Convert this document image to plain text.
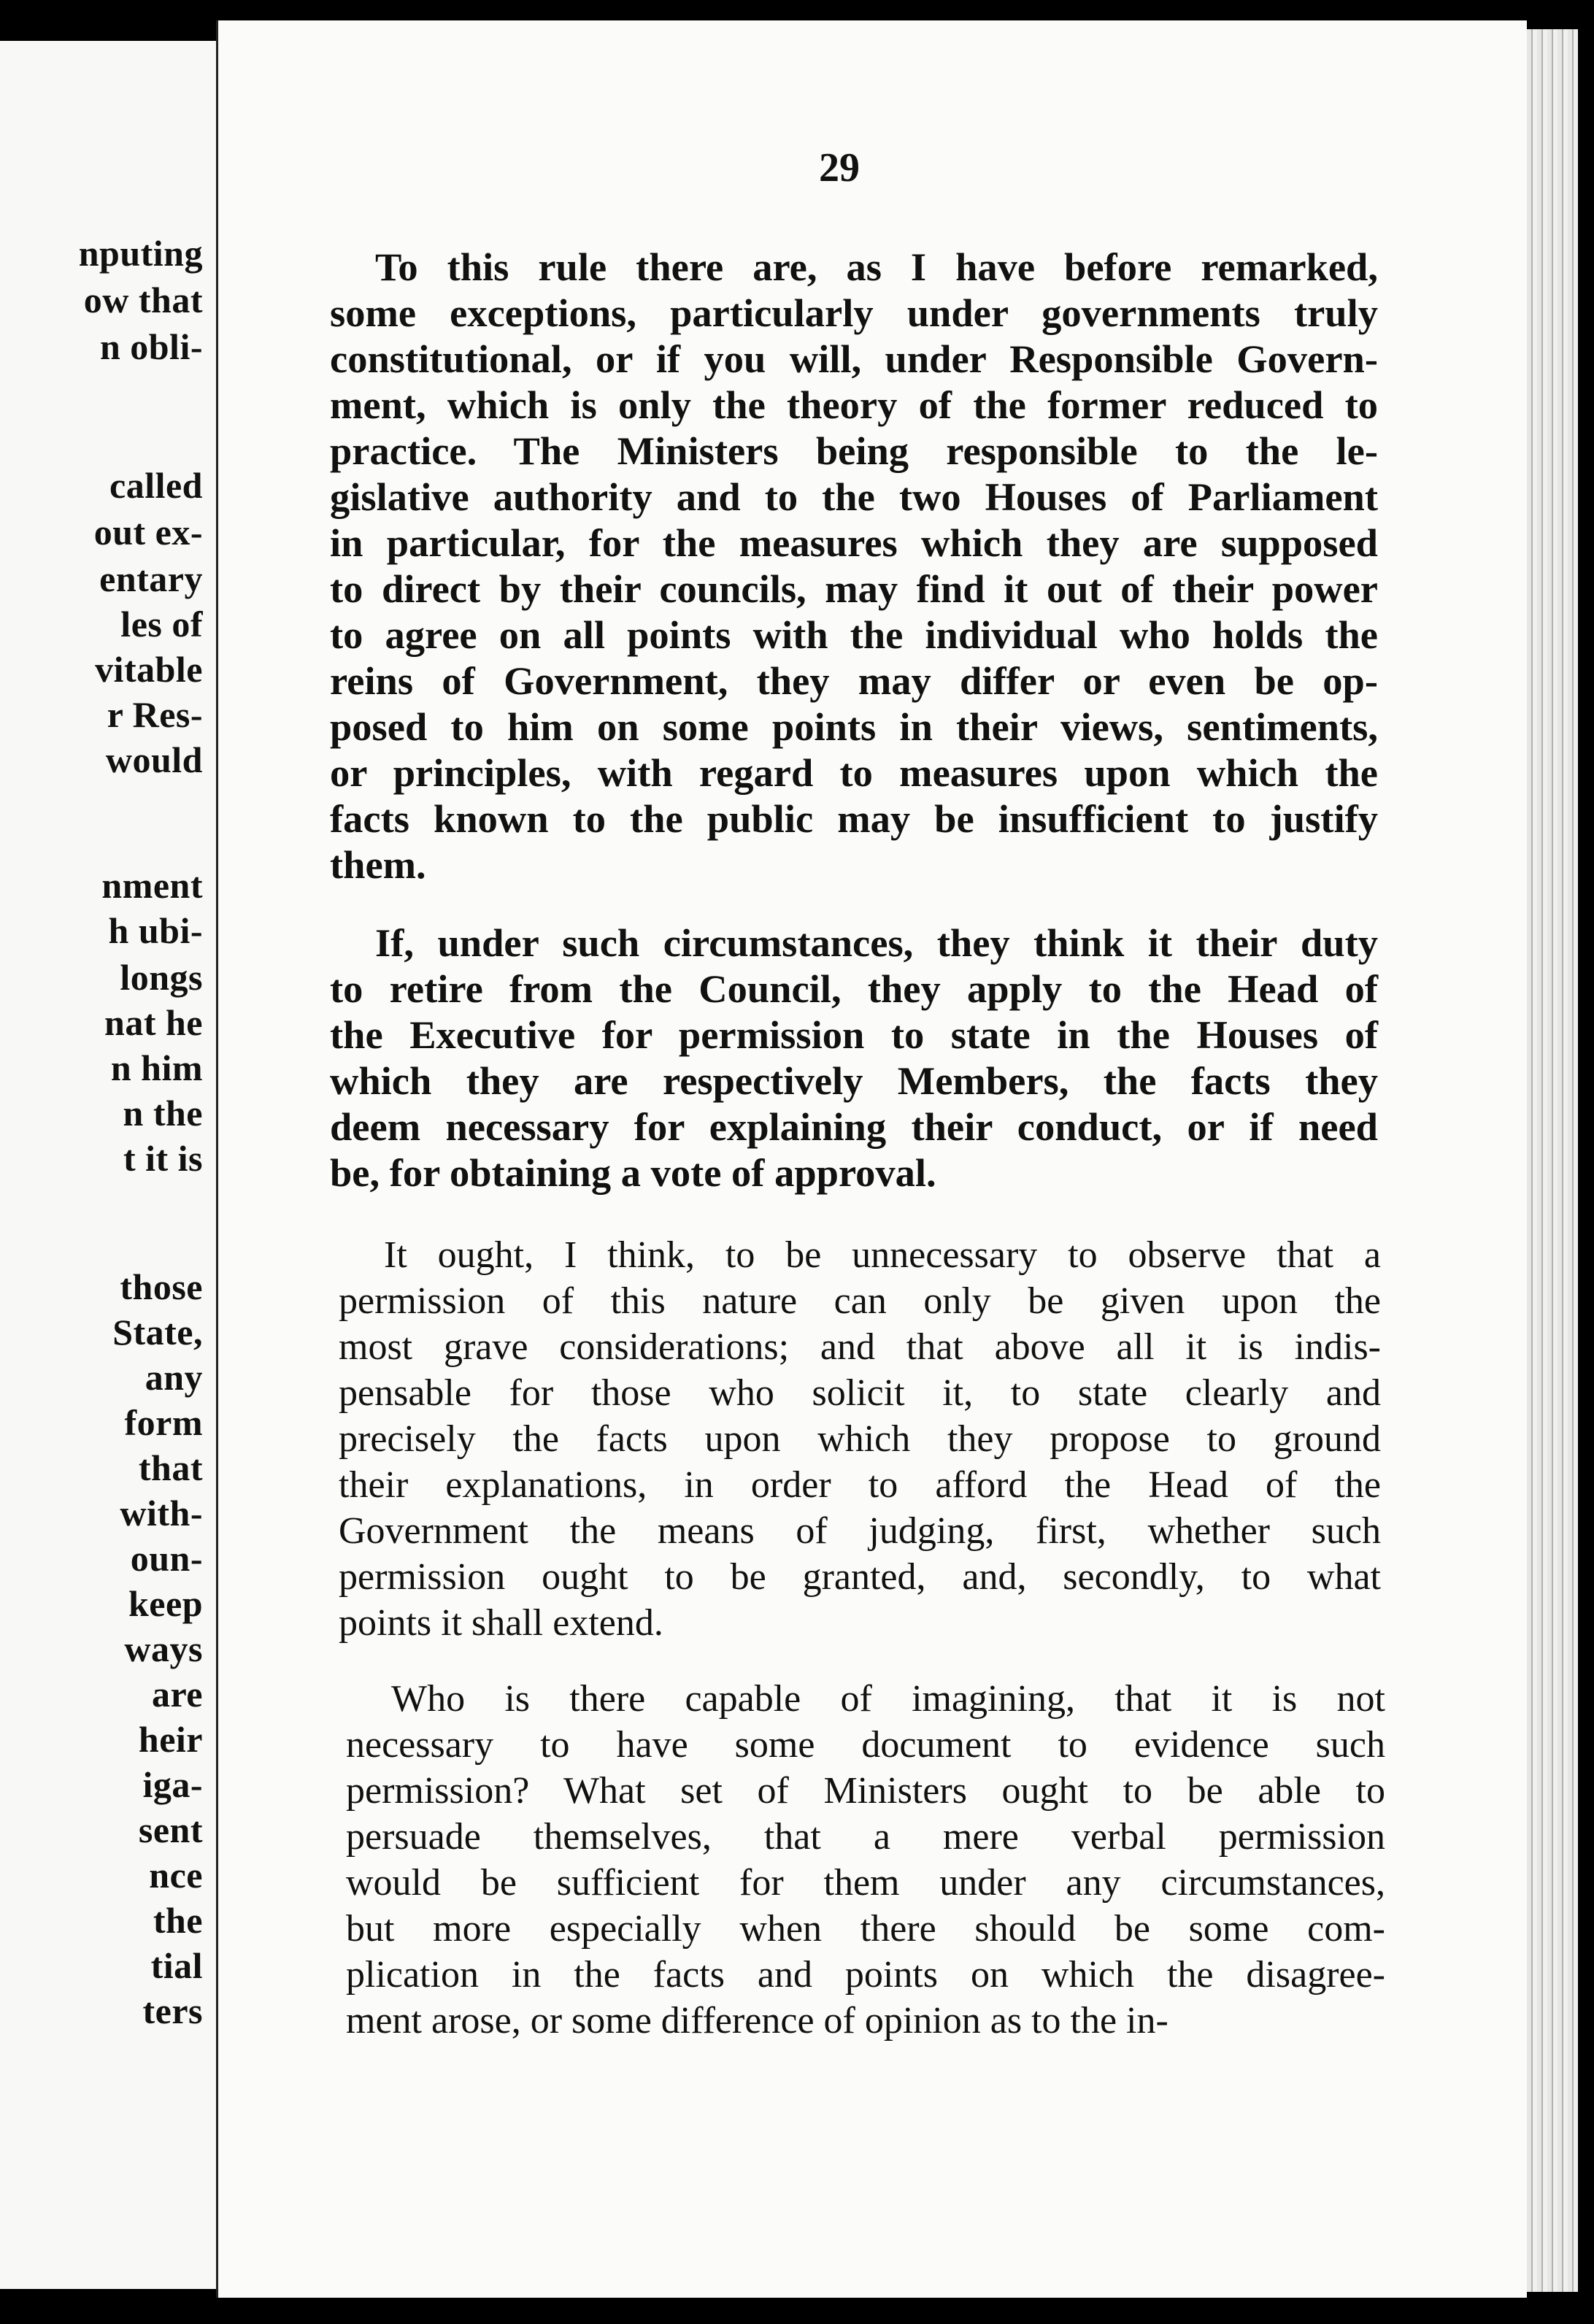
nputing
ow that
n obli-
called
out ex-
entary
les of
vitable
r Res-
would
nment
h ubi-
longs
nat he
n him
n the
t it is
those
State,
any
form
that
with-
oun-
keep
ways
are
heir
iga-
sent
nce
the
tial
ters
29
To this rule there are, as I have before remarked,
some exceptions, particularly under governments truly
constitutional, or if you will, under Responsible Govern-
ment, which is only the theory of the former reduced to
practice. The Ministers being responsible to the le-
gislative authority and to the two Houses of Parliament
in particular, for the measures which they are supposed
to direct by their councils, may find it out of their power
to agree on all points with the individual who holds the
reins of Government, they may differ or even be op-
posed to him on some points in their views, sentiments,
or principles, with regard to measures upon which the
facts known to the public may be insufficient to justify
them.
If, under such circumstances, they think it their duty
to retire from the Council, they apply to the Head of
the Executive for permission to state in the Houses of
which they are respectively Members, the facts they
deem necessary for explaining their conduct, or if need
be, for obtaining a vote of approval.
It ought, I think, to be unnecessary to observe that a
permission of this nature can only be given upon the
most grave considerations; and that above all it is indis-
pensable for those who solicit it, to state clearly and
precisely the facts upon which they propose to ground
their explanations, in order to afford the Head of the
Government the means of judging, first, whether such
permission ought to be granted, and, secondly, to what
points it shall extend.
Who is there capable of imagining, that it is not
necessary to have some document to evidence such
permission? What set of Ministers ought to be able to
persuade themselves, that a mere verbal permission
would be sufficient for them under any circumstances,
but more especially when there should be some com-
plication in the facts and points on which the disagree-
ment arose, or some difference of opinion as to the in-
